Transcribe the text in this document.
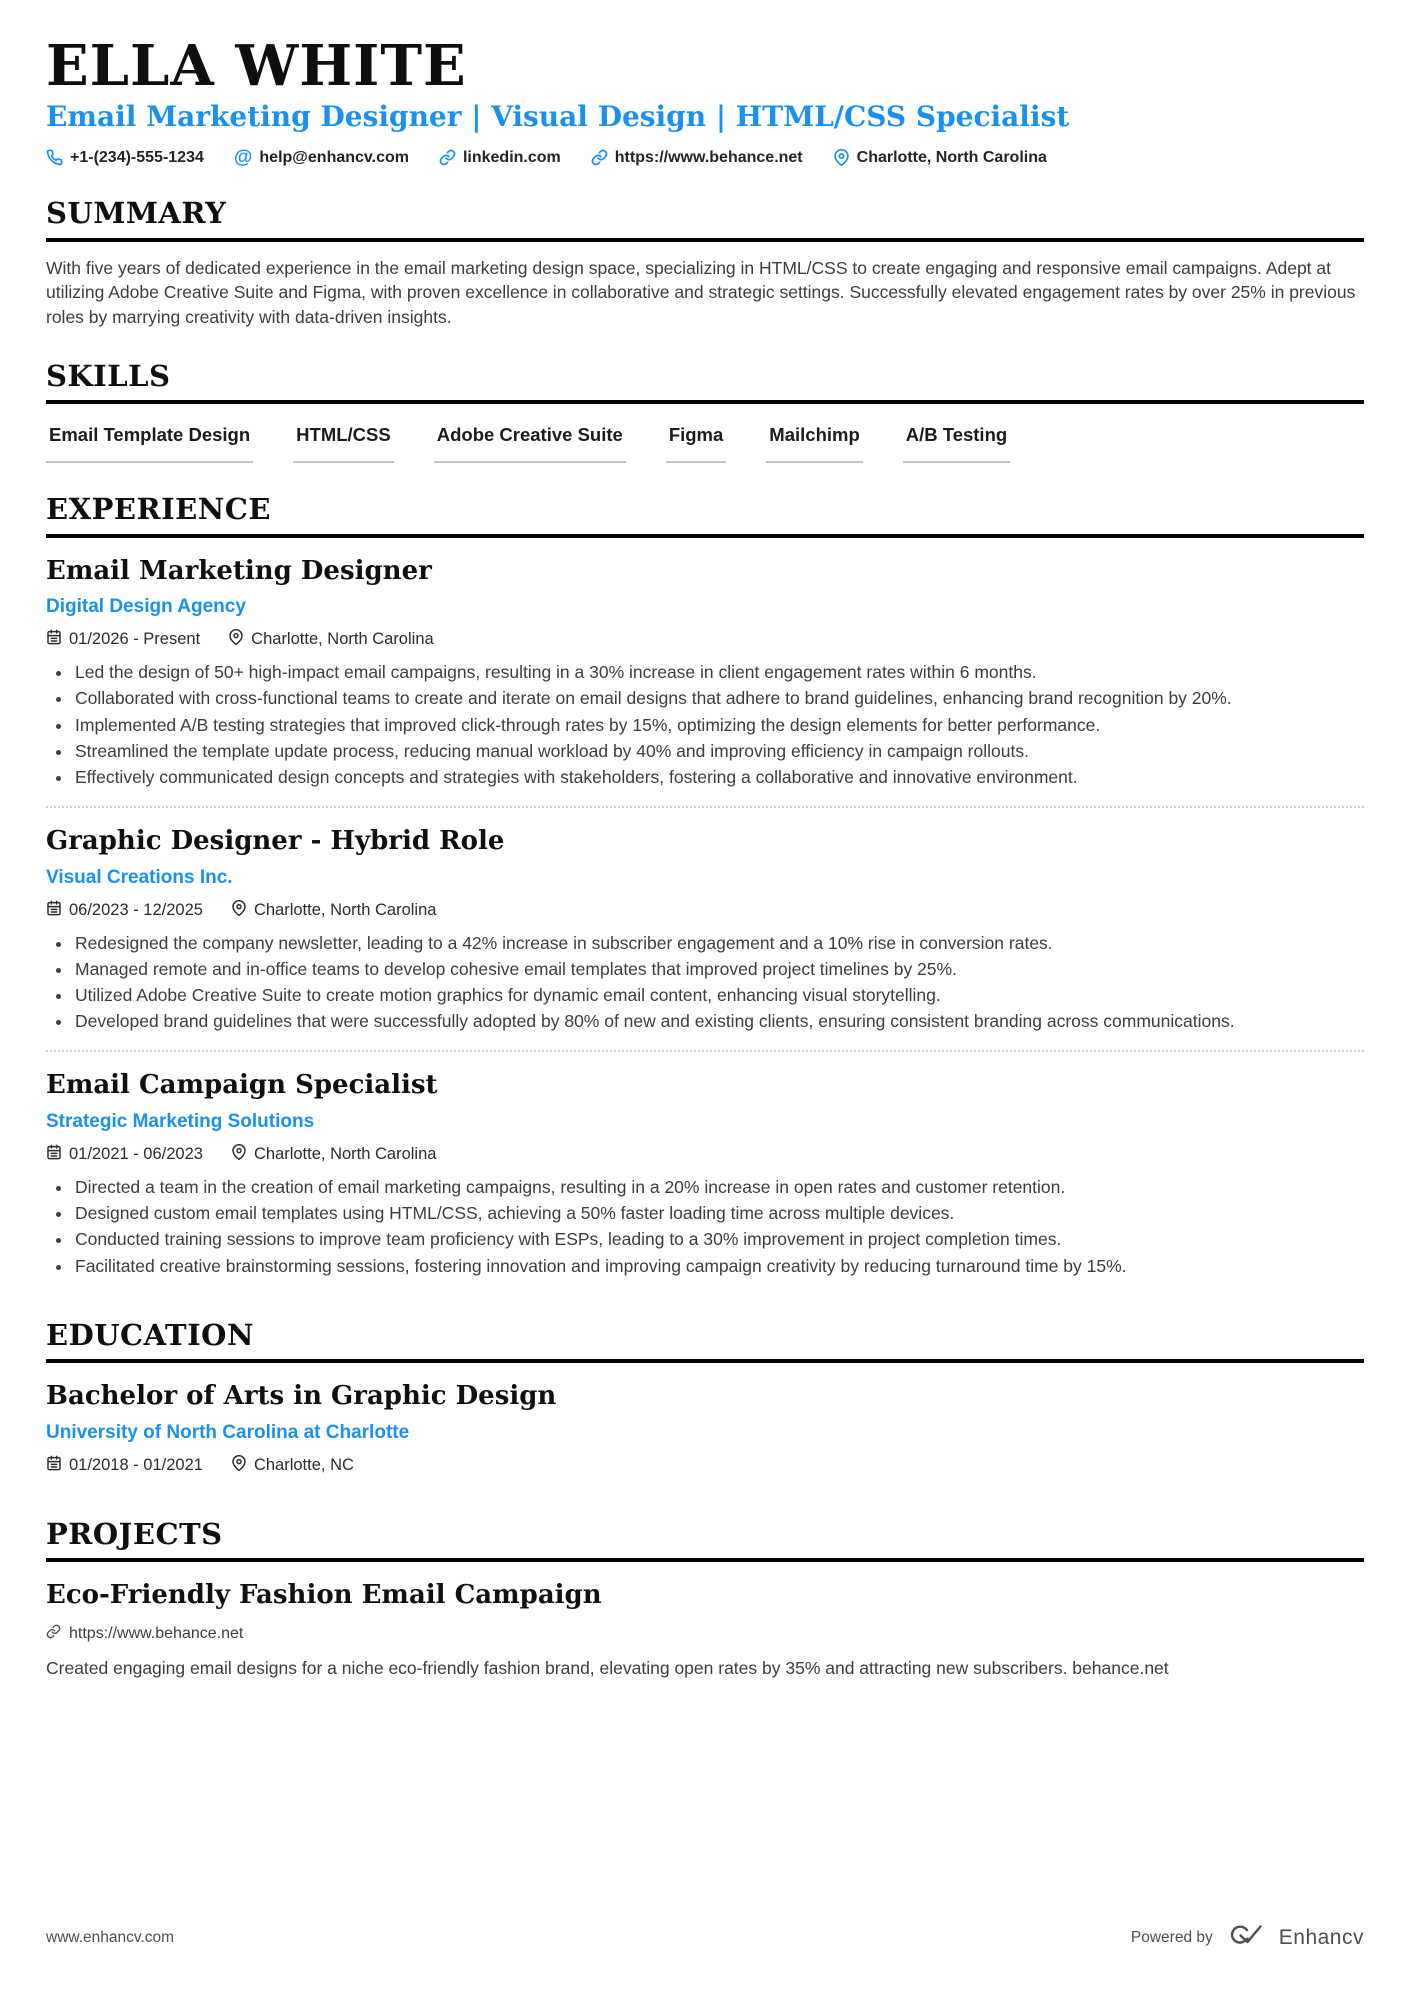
ELLA WHITE
Email Marketing Designer | Visual Design | HTML/CSS Specialist
+1-(234)-555-1234 @ help@enhancv.com	linkedin.com	https://www.behance.net	Charlotte, North Carolina
SUMMARY

With five years of dedicated experience in the email marketing design space, specializing in HTML/CSS to create engaging and responsive email campaigns. Adept at utilizing Adobe Creative Suite and Figma, with proven excellence in collaborative and strategic settings. Successfully elevated engagement rates by over 25% in previous roles by marrying creativity with data-driven insights.

SKILLS
Email Template Design HTML/CSS Adobe Creative Suite Figma Mailchimp A/B Testing
EXPERIENCE
Email Marketing Designer
Digital Design Agency
01/2026 - Present	Charlotte, North Carolina
• Led the design of 50+ high-impact email campaigns, resulting in a 30% increase in client engagement rates within 6 months.
• Collaborated with cross-functional teams to create and iterate on email designs that adhere to brand guidelines, enhancing brand recognition by 20%.
• Implemented A/B testing strategies that improved click-through rates by 15%, optimizing the design elements for better performance.
• Streamlined the template update process, reducing manual workload by 40% and improving efficiency in campaign rollouts.
• Effectively communicated design concepts and strategies with stakeholders, fostering a collaborative and innovative environment.
Graphic Designer - Hybrid Role
Visual Creations Inc.
06/2023 - 12/2025	Charlotte, North Carolina
• Redesigned the company newsletter, leading to a 42% increase in subscriber engagement and a 10% rise in conversion rates.
• Managed remote and in-office teams to develop cohesive email templates that improved project timelines by 25%.
• Utilized Adobe Creative Suite to create motion graphics for dynamic email content, enhancing visual storytelling.
• Developed brand guidelines that were successfully adopted by 80% of new and existing clients, ensuring consistent branding across communications.
Email Campaign Specialist
Strategic Marketing Solutions
01/2021 - 06/2023	Charlotte, North Carolina
• Directed a team in the creation of email marketing campaigns, resulting in a 20% increase in open rates and customer retention.
• Designed custom email templates using HTML/CSS, achieving a 50% faster loading time across multiple devices.
• Conducted training sessions to improve team proficiency with ESPs, leading to a 30% improvement in project completion times.
• Facilitated creative brainstorming sessions, fostering innovation and improving campaign creativity by reducing turnaround time by 15%.
EDUCATION
Bachelor of Arts in Graphic Design
University of North Carolina at Charlotte
01/2018 - 01/2021	Charlotte, NC
PROJECTS
Eco-Friendly Fashion Email Campaign
https://www.behance.net

Created engaging email designs for a niche eco-friendly fashion brand, elevating open rates by 35% and attracting new subscribers. behance.net

www.enhancv.com	Powered by	Enhancv
